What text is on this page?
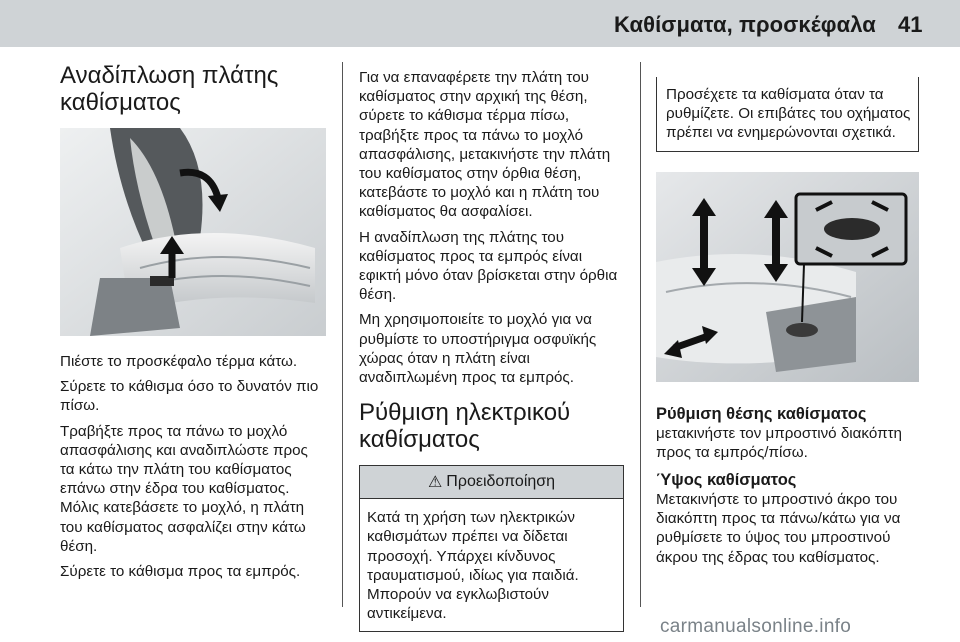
Καθίσματα, προσκέφαλα 41
Αναδίπλωση πλάτης καθίσματος

Πιέστε το προσκέφαλο τέρμα κάτω.

Σύρετε το κάθισμα όσο το δυνατόν πιο πίσω.

Τραβήξτε προς τα πάνω το μοχλό απασφάλισης και αναδιπλώστε προς τα κάτω την πλάτη του καθίσματος επάνω στην έδρα του καθίσματος. Μόλις κατεβάσετε το μοχλό, η πλάτη του καθίσματος ασφαλίζει στην κάτω θέση.

Σύρετε το κάθισμα προς τα εμπρός.

Για να επαναφέρετε την πλάτη του καθίσματος στην αρχική της θέση, σύρετε το κάθισμα τέρμα πίσω, τραβήξτε προς τα πάνω το μοχλό απασφάλισης, μετακινήστε την πλάτη του καθίσματος στην όρθια θέση, κατεβάστε το μοχλό και η πλάτη του καθίσματος θα ασφαλίσει.

Η αναδίπλωση της πλάτης του καθίσματος προς τα εμπρός είναι εφικτή μόνο όταν βρίσκεται στην όρθια θέση.

Μη χρησιμοποιείτε το μοχλό για να ρυθμίστε το υποστήριγμα οσφυϊκής χώρας όταν η πλάτη είναι αναδιπλωμένη προς τα εμπρός.

Ρύθμιση ηλεκτρικού καθίσματος
⚠ Προειδοποίηση
Κατά τη χρήση των ηλεκτρικών καθισμάτων πρέπει να δίδεται προσοχή. Υπάρχει κίνδυνος τραυματισμού, ιδίως για παιδιά. Μπορούν να εγκλωβιστούν αντικείμενα.
Προσέχετε τα καθίσματα όταν τα ρυθμίζετε. Οι επιβάτες του οχήματος πρέπει να ενημερώνονται σχετικά.
Ρύθμιση θέσης καθίσματος

μετακινήστε τον μπροστινό διακόπτη προς τα εμπρός/πίσω.

Ύψος καθίσματος

Μετακινήστε το μπροστινό άκρο του διακόπτη προς τα πάνω/κάτω για να ρυθμίσετε το ύψος του μπροστινού άκρου της έδρας του καθίσματος.

carmanualsonline.info
